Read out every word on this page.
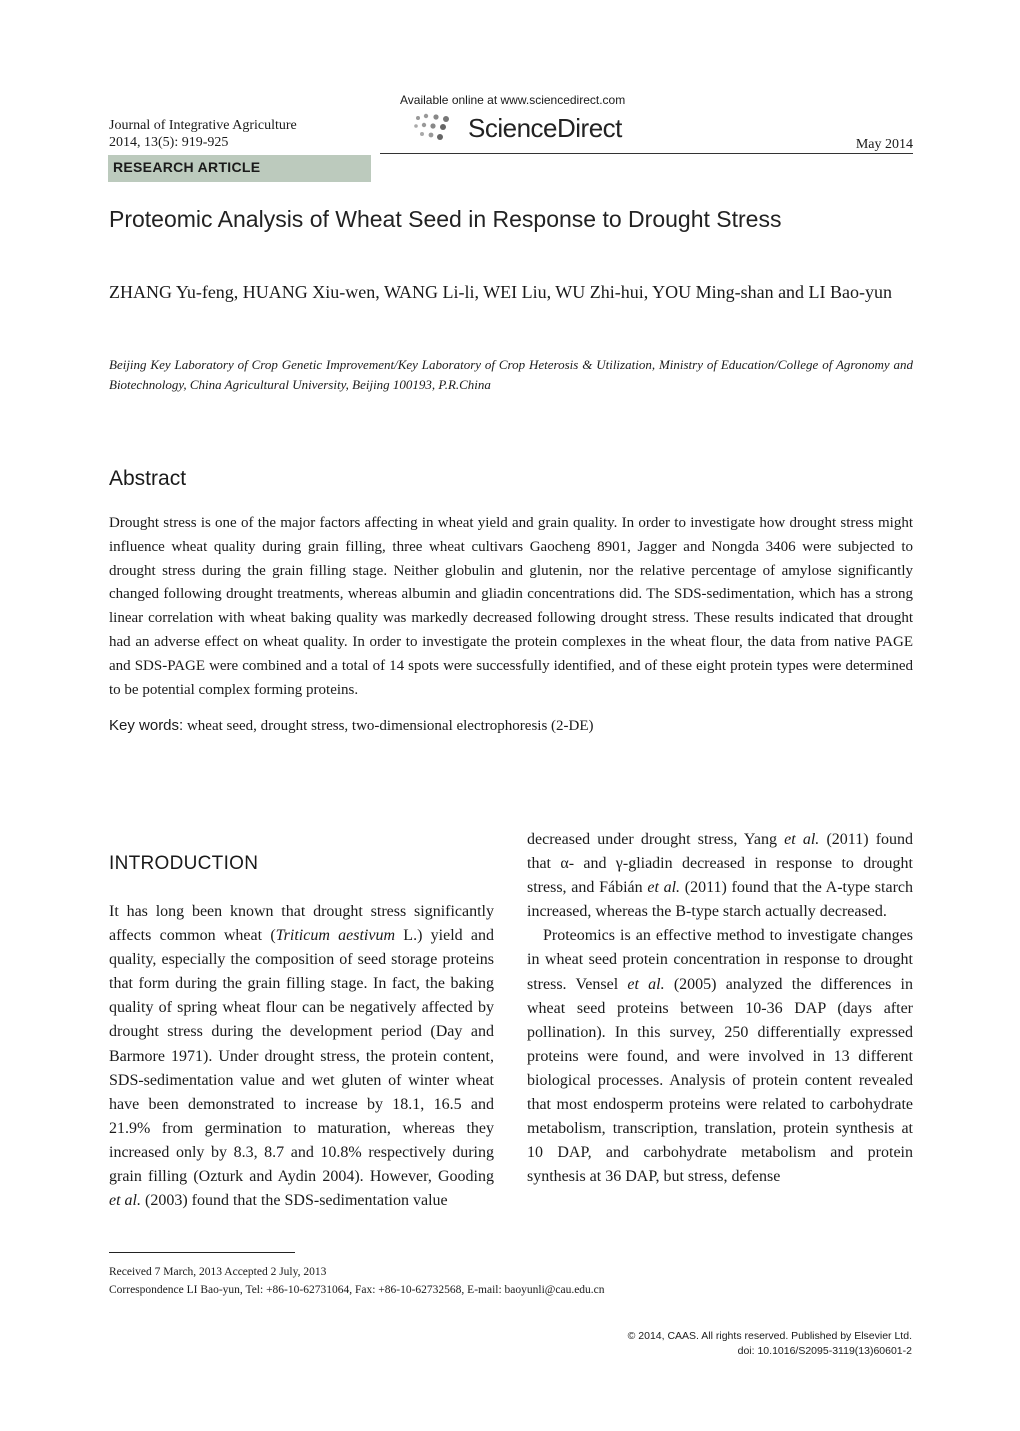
Journal of Integrative Agriculture
2014, 13(5): 919-925
Available online at www.sciencedirect.com
ScienceDirect
May 2014
RESEARCH ARTICLE
Proteomic Analysis of Wheat Seed in Response to Drought Stress
ZHANG Yu-feng, HUANG Xiu-wen, WANG Li-li, WEI Liu, WU Zhi-hui, YOU Ming-shan and LI Bao-yun
Beijing Key Laboratory of Crop Genetic Improvement/Key Laboratory of Crop Heterosis & Utilization, Ministry of Education/College of Agronomy and Biotechnology, China Agricultural University, Beijing 100193, P.R.China
Abstract
Drought stress is one of the major factors affecting in wheat yield and grain quality. In order to investigate how drought stress might influence wheat quality during grain filling, three wheat cultivars Gaocheng 8901, Jagger and Nongda 3406 were subjected to drought stress during the grain filling stage. Neither globulin and glutenin, nor the relative percentage of amylose significantly changed following drought treatments, whereas albumin and gliadin concentrations did. The SDS-sedimentation, which has a strong linear correlation with wheat baking quality was markedly decreased following drought stress. These results indicated that drought had an adverse effect on wheat quality. In order to investigate the protein complexes in the wheat flour, the data from native PAGE and SDS-PAGE were combined and a total of 14 spots were successfully identified, and of these eight protein types were determined to be potential complex forming proteins.
Key words: wheat seed, drought stress, two-dimensional electrophoresis (2-DE)
INTRODUCTION

It has long been known that drought stress significantly affects common wheat (Triticum aestivum L.) yield and quality, especially the composition of seed storage proteins that form during the grain filling stage. In fact, the baking quality of spring wheat flour can be negatively affected by drought stress during the development period (Day and Barmore 1971). Under drought stress, the protein content, SDS-sedimentation value and wet gluten of winter wheat have been demonstrated to increase by 18.1, 16.5 and 21.9% from germination to maturation, whereas they increased only by 8.3, 8.7 and 10.8% respectively during grain filling (Ozturk and Aydin 2004). However, Gooding et al. (2003) found that the SDS-sedimentation value

decreased under drought stress, Yang et al. (2011) found that α- and γ-gliadin decreased in response to drought stress, and Fábián et al. (2011) found that the A-type starch increased, whereas the B-type starch actually decreased.

Proteomics is an effective method to investigate changes in wheat seed protein concentration in response to drought stress. Vensel et al. (2005) analyzed the differences in wheat seed proteins between 10-36 DAP (days after pollination). In this survey, 250 differentially expressed proteins were found, and were involved in 13 different biological processes. Analysis of protein content revealed that most endosperm proteins were related to carbohydrate metabolism, transcription, translation, protein synthesis at 10 DAP, and carbohydrate metabolism and protein synthesis at 36 DAP, but stress, defense

Received 7 March, 2013 Accepted 2 July, 2013
Correspondence LI Bao-yun, Tel: +86-10-62731064, Fax: +86-10-62732568, E-mail: baoyunli@cau.edu.cn
© 2014, CAAS. All rights reserved. Published by Elsevier Ltd.
doi: 10.1016/S2095-3119(13)60601-2
